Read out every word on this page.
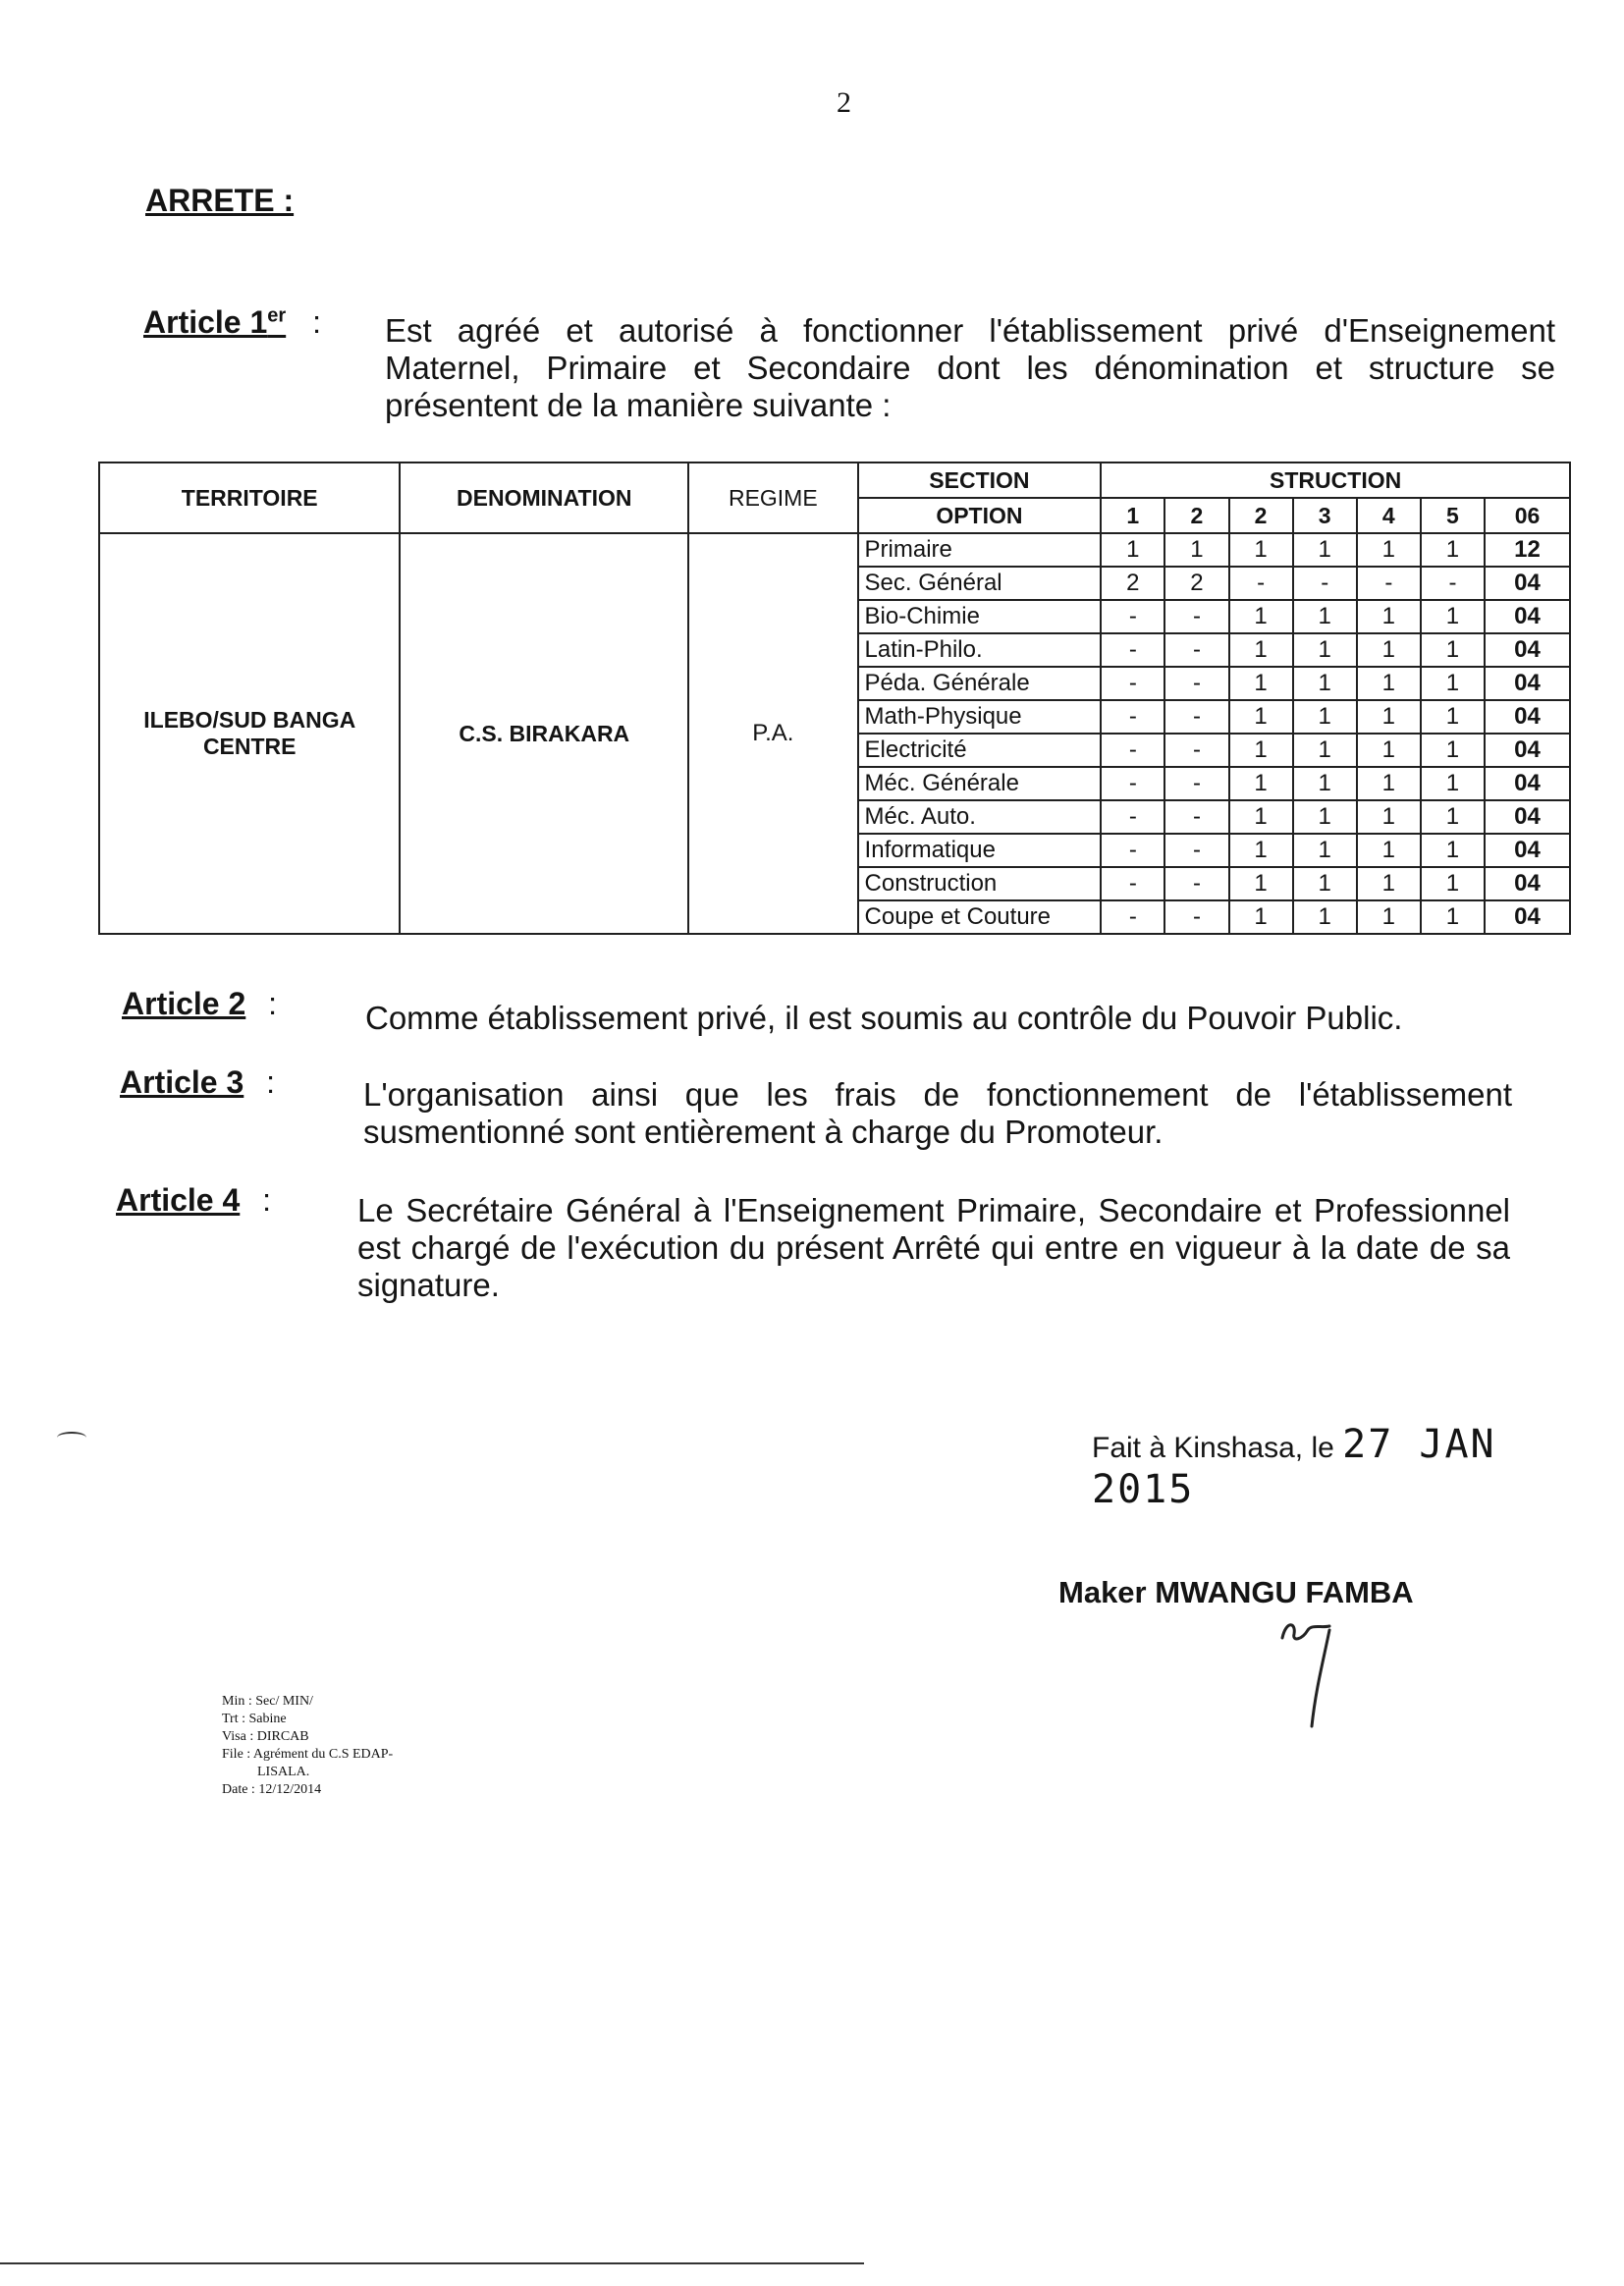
2
ARRETE :
Article 1er : Est agréé et autorisé à fonctionner l'établissement privé d'Enseignement Maternel, Primaire et Secondaire dont les dénomination et structure se présentent de la manière suivante :
TERRITOIRE	DENOMINATION	REGIME	SECTION	STRUCTION						
			OPTION	1	2	2	3	4	5	06

ILEBO/SUD BANGA
CENTRE	C.S. BIRAKARA	P.A.	Primaire	1	1	1	1	1	1	12
			Sec. Général	2	2	-	-	-	-	04
			Bio-Chimie	-	-	1	1	1	1	04
			Latin-Philo.	-	-	1	1	1	1	04
			Péda. Générale	-	-	1	1	1	1	04
			Math-Physique	-	-	1	1	1	1	04
			Electricité	-	-	1	1	1	1	04
			Méc. Générale	-	-	1	1	1	1	04
			Méc. Auto.	-	-	1	1	1	1	04
			Informatique	-	-	1	1	1	1	04
			Construction	-	-	1	1	1	1	04
			Coupe et Couture	-	-	1	1	1	1	04
Article 2 :	Comme établissement privé, il est soumis au contrôle du Pouvoir Public.
Article 3 :	L'organisation ainsi que les frais de fonctionnement de l'établissement susmentionné sont entièrement à charge du Promoteur.
Article 4 :	Le Secrétaire Général à l'Enseignement Primaire, Secondaire et Professionnel est chargé de l'exécution du présent Arrêté qui entre en vigueur à la date de sa signature.
Fait à Kinshasa, le 27 JAN 2015
Maker MWANGU FAMBA
Min : Sec/ MIN/
Trt : Sabine
Visa : DIRCAB
File : Agrément du C.S EDAP-
LISALA.
Date : 12/12/2014
